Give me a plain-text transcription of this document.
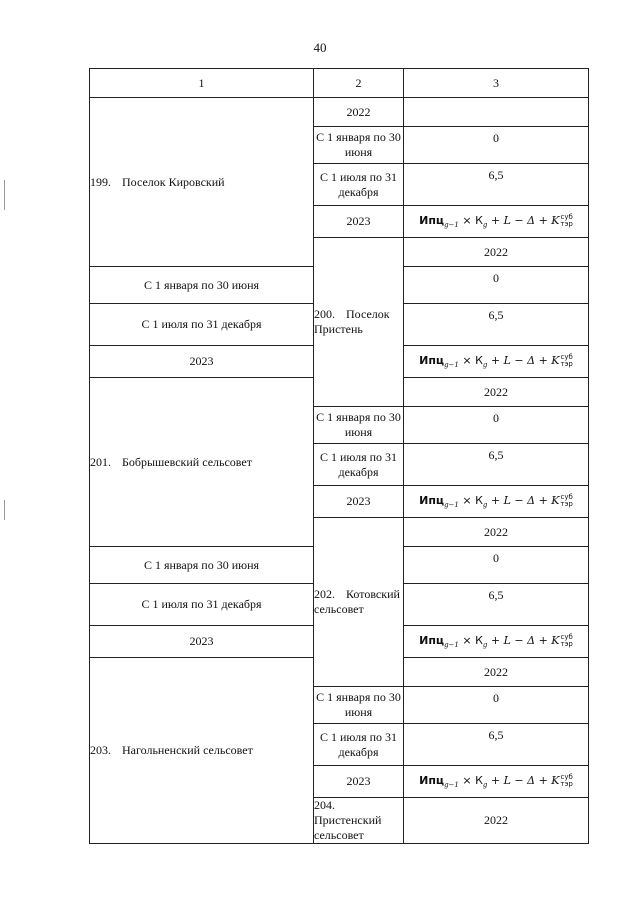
40
1	2	3	
199. Поселок Кировский	2022		
	С 1 января по 30 июня	0	
	С 1 июля по 31 декабря	6,5	
	2023	$Ипц_{g-1} \times К_g + L - \Delta + K$ суб
тэр	

	200. Поселок Пристень	2022	
С 1 января по 30 июня		0	
С 1 июля по 31 декабря		6,5	
2023		$Ипц_{g-1} \times К_g + L - \Delta + K$ суб
тэр	

201. Бобрышевский сельсовет		2022	
	С 1 января по 30 июня	0	
	С 1 июля по 31 декабря	6,5	
	2023	$Ипц_{g-1} \times К_g + L - \Delta + K$ суб
тэр	

	202. Котовский сельсовет	2022	
С 1 января по 30 июня		0	
С 1 июля по 31 декабря		6,5	
2023		$Ипц_{g-1} \times К_g + L - \Delta + K$ суб
тэр	

203. Нагольненский сельсовет		2022	
	С 1 января по 30 июня	0	
	С 1 июля по 31 декабря	6,5	
	2023	$Ипц_{g-1} \times К_g + L - \Delta + K$ суб
тэр	

	204.Пристенский сельсовет	2022	
